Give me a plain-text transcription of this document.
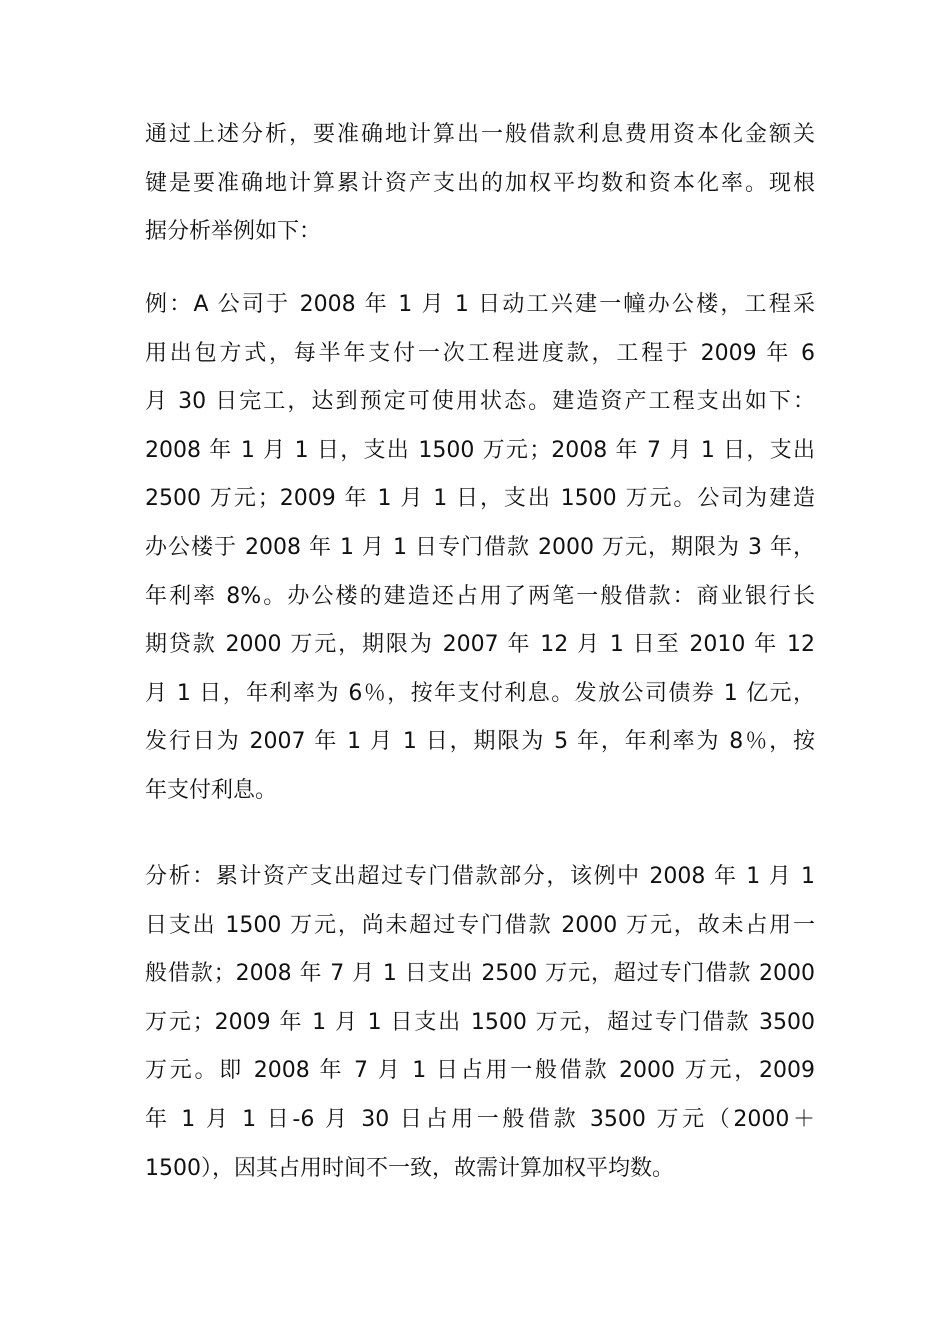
通过上述分析，要准确地计算出一般借款利息费用资本化金额关
键是要准确地计算累计资产支出的加权平均数和资本化率。现根
据分析举例如下：
例：A 公司于 2008 年 1 月 1 日动工兴建一幢办公楼，工程采
用出包方式，每半年支付一次工程进度款，工程于 2009 年 6
月 30 日完工，达到预定可使用状态。建造资产工程支出如下：
2008 年 1 月 1 日，支出 1500 万元；2008 年 7 月 1 日，支出
2500 万元；2009 年 1 月 1 日，支出 1500 万元。公司为建造
办公楼于 2008 年 1 月 1 日专门借款 2000 万元，期限为 3 年，
年利率 8%。办公楼的建造还占用了两笔一般借款：商业银行长
期贷款 2000 万元，期限为 2007 年 12 月 1 日至 2010 年 12
月 1 日，年利率为 6％，按年支付利息。发放公司债券 1 亿元，
发行日为 2007 年 1 月 1 日，期限为 5 年，年利率为 8％，按
年支付利息。
分析：累计资产支出超过专门借款部分，该例中 2008 年 1 月 1
日支出 1500 万元，尚未超过专门借款 2000 万元，故未占用一
般借款；2008 年 7 月 1 日支出 2500 万元，超过专门借款 2000
万元；2009 年 1 月 1 日支出 1500 万元，超过专门借款 3500
万元。即 2008 年 7 月 1 日占用一般借款 2000 万元，2009
年 1 月 1 日-6 月 30 日占用一般借款 3500 万元（2000＋
1500），因其占用时间不一致，故需计算加权平均数。
